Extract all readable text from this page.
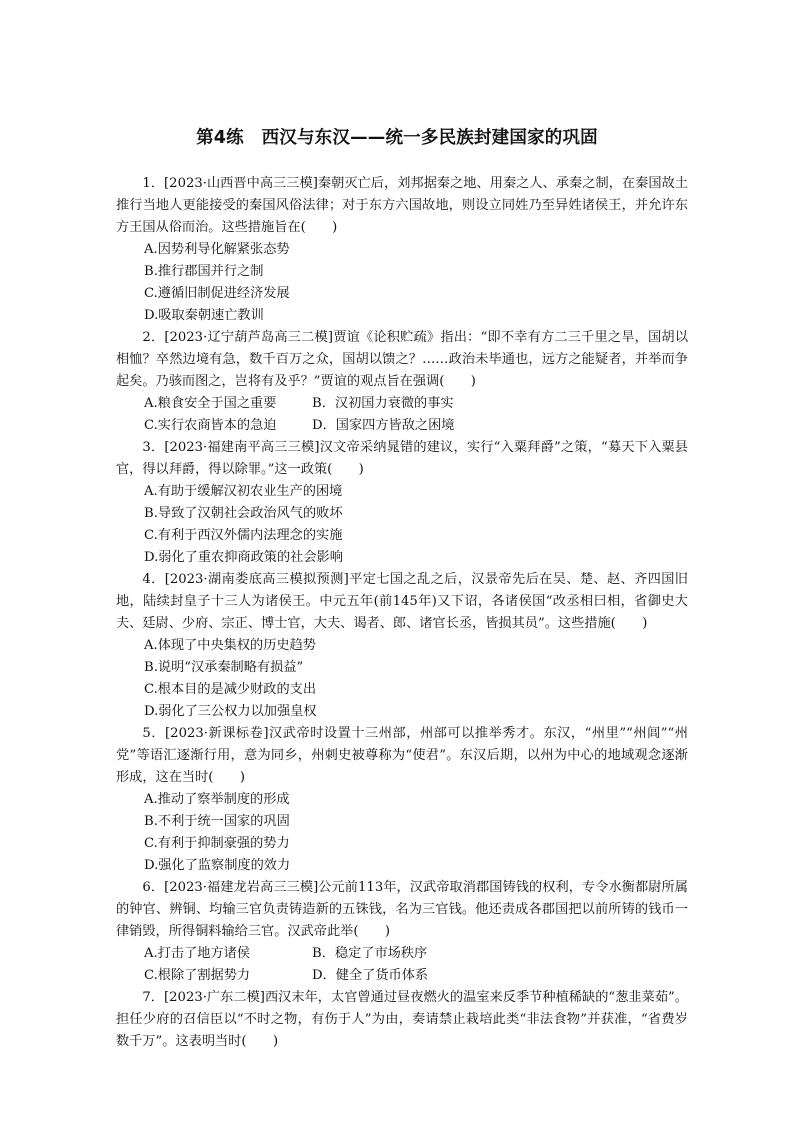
第4练　西汉与东汉——统一多民族封建国家的巩固

1．[2023·山西晋中高三三模]秦朝灭亡后，刘邦据秦之地、用秦之人、承秦之制，在秦国故土推行当地人更能接受的秦国风俗法律；对于东方六国故地，则设立同姓乃至异姓诸侯王，并允许东方王国从俗而治。这些措施旨在(　　)

A.因势利导化解紧张态势

B.推行郡国并行之制

C.遵循旧制促进经济发展

D.吸取秦朝速亡教训

2．[2023·辽宁葫芦岛高三二模]贾谊《论积贮疏》指出：“即不幸有方二三千里之旱，国胡以相恤？卒然边境有急，数千百万之众，国胡以馈之？……政治未毕通也，远方之能疑者，并举而争起矣。乃骇而图之，岂将有及乎？”贾谊的观点旨在强调(　　)

A.粮食安全于国之重要	B．汉初国力衰微的事实

C.实行农商皆本的急迫	D．国家四方皆敌之困境

3．[2023·福建南平高三三模]汉文帝采纳晁错的建议，实行“入粟拜爵”之策，“募天下入粟县官，得以拜爵，得以除罪。”这一政策(　　)

A.有助于缓解汉初农业生产的困境

B.导致了汉朝社会政治风气的败坏

C.有利于西汉外儒内法理念的实施

D.弱化了重农抑商政策的社会影响

4．[2023·湖南娄底高三模拟预测]平定七国之乱之后，汉景帝先后在吴、楚、赵、齐四国旧地，陆续封皇子十三人为诸侯王。中元五年(前145年)又下诏，各诸侯国“改丞相曰相，省御史大夫、廷尉、少府、宗正、博士官，大夫、谒者、郎、诸官长丞，皆损其员”。这些措施(　　)

A.体现了中央集权的历史趋势

B.说明“汉承秦制略有损益”

C.根本目的是减少财政的支出

D.弱化了三公权力以加强皇权

5．[2023·新课标卷]汉武帝时设置十三州部，州部可以推举秀才。东汉，“州里”“州闾”“州党”等语汇逐渐行用，意为同乡，州刺史被尊称为“使君”。东汉后期，以州为中心的地域观念逐渐形成，这在当时(　　)

A.推动了察举制度的形成

B.不利于统一国家的巩固

C.有利于抑制豪强的势力

D.强化了监察制度的效力

6．[2023·福建龙岩高三三模]公元前113年，汉武帝取消郡国铸钱的权利，专令水衡都尉所属的钟官、辨铜、均输三官负责铸造新的五铢钱，名为三官钱。他还责成各郡国把以前所铸的钱币一律销毁，所得铜料输给三官。汉武帝此举(　　)

A.打击了地方诸侯	B．稳定了市场秩序

C.根除了割据势力	D．健全了货币体系

7．[2023·广东二模]西汉末年，太官曾通过昼夜燃火的温室来反季节种植稀缺的“葱韭菜茹”。担任少府的召信臣以“不时之物，有伤于人”为由，奏请禁止栽培此类“非法食物”并获准，“省费岁数千万”。这表明当时(　　)
